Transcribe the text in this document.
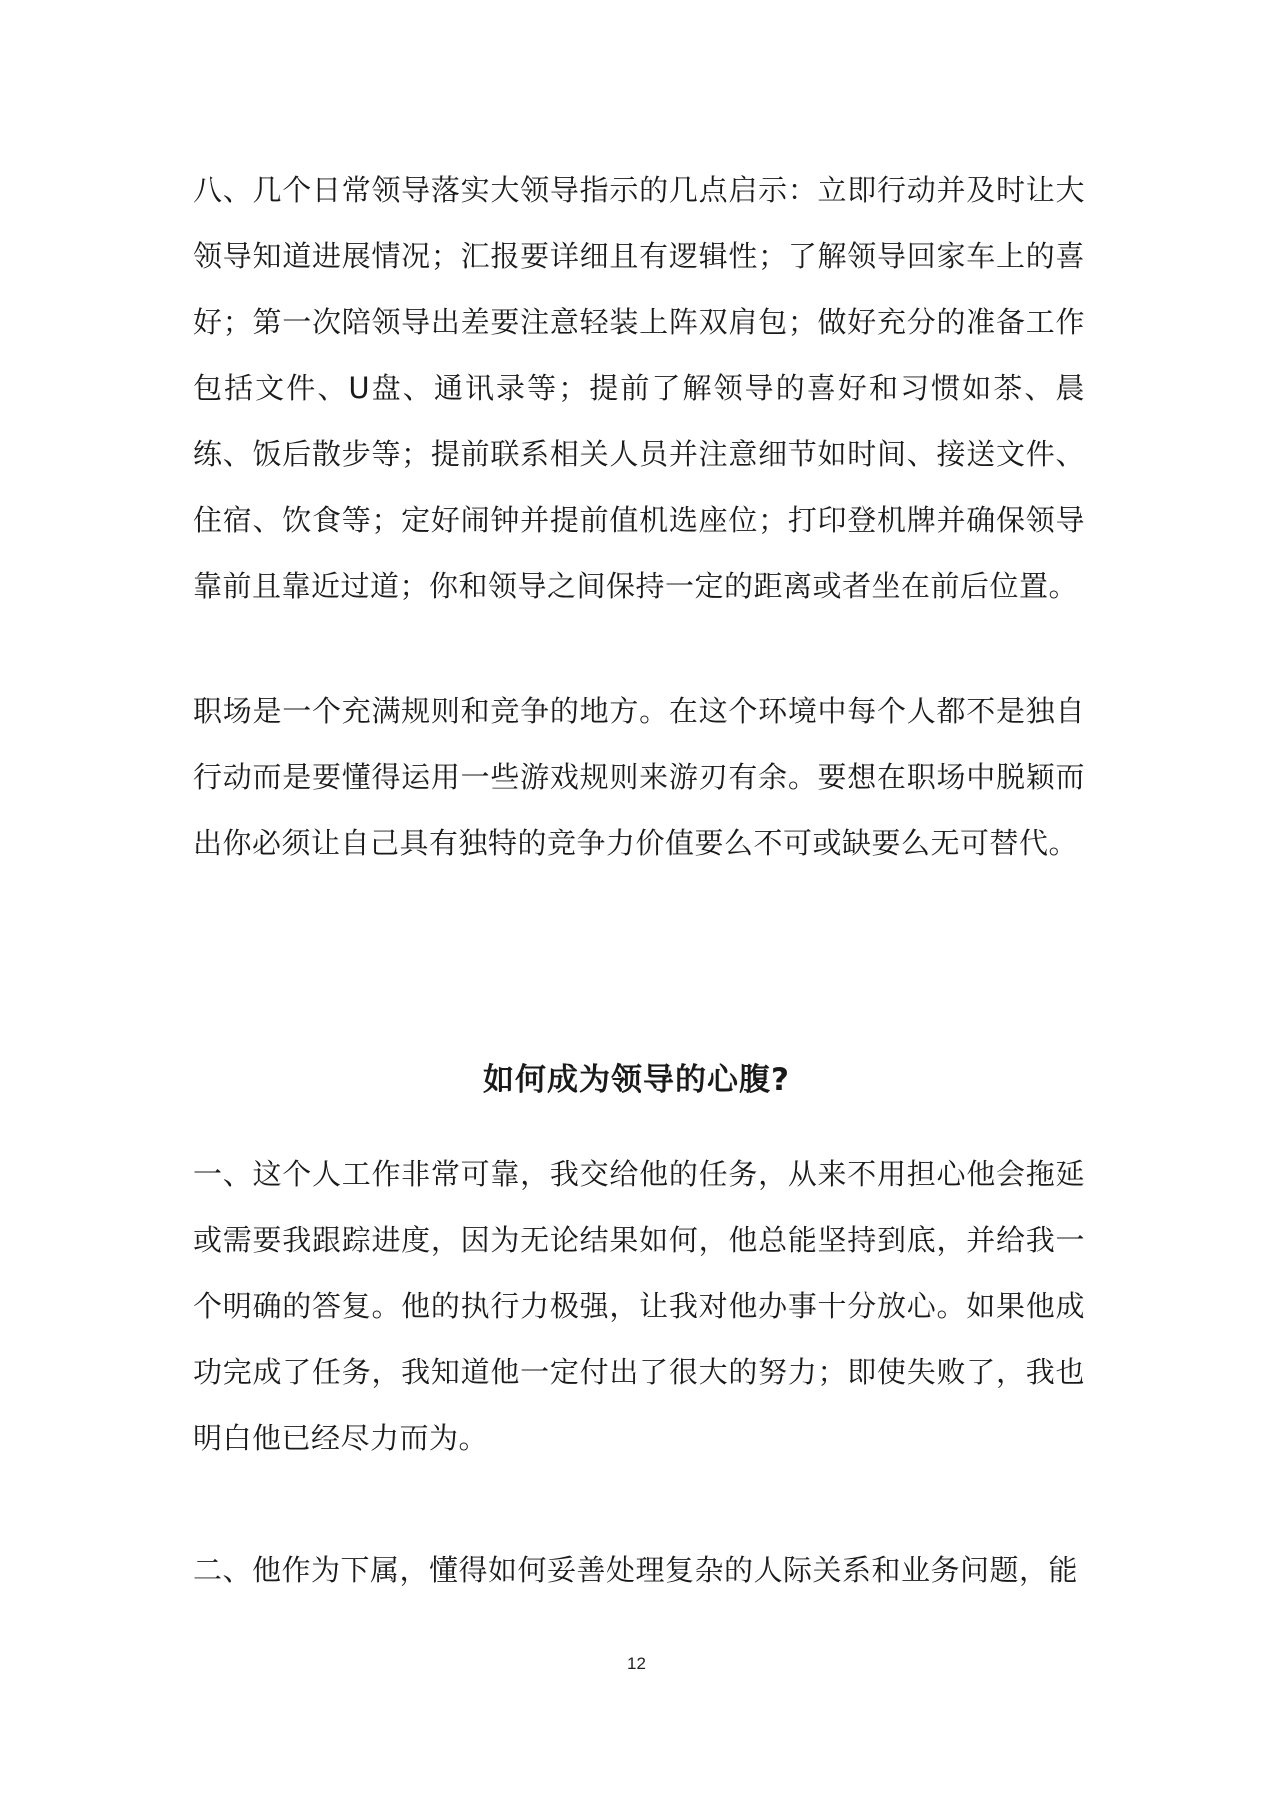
八、几个日常领导落实大领导指示的几点启示：立即行动并及时让大领导知道进展情况；汇报要详细且有逻辑性；了解领导回家车上的喜好；第一次陪领导出差要注意轻装上阵双肩包；做好充分的准备工作包括文件、U盘、通讯录等；提前了解领导的喜好和习惯如茶、晨练、饭后散步等；提前联系相关人员并注意细节如时间、接送文件、住宿、饮食等；定好闹钟并提前值机选座位；打印登机牌并确保领导靠前且靠近过道；你和领导之间保持一定的距离或者坐在前后位置。

职场是一个充满规则和竞争的地方。在这个环境中每个人都不是独自行动而是要懂得运用一些游戏规则来游刃有余。要想在职场中脱颖而出你必须让自己具有独特的竞争力价值要么不可或缺要么无可替代。

如何成为领导的心腹?

一、这个人工作非常可靠，我交给他的任务，从来不用担心他会拖延或需要我跟踪进度，因为无论结果如何，他总能坚持到底，并给我一个明确的答复。他的执行力极强，让我对他办事十分放心。如果他成功完成了任务，我知道他一定付出了很大的努力；即使失败了，我也明白他已经尽力而为。

二、他作为下属，懂得如何妥善处理复杂的人际关系和业务问题，能

12
